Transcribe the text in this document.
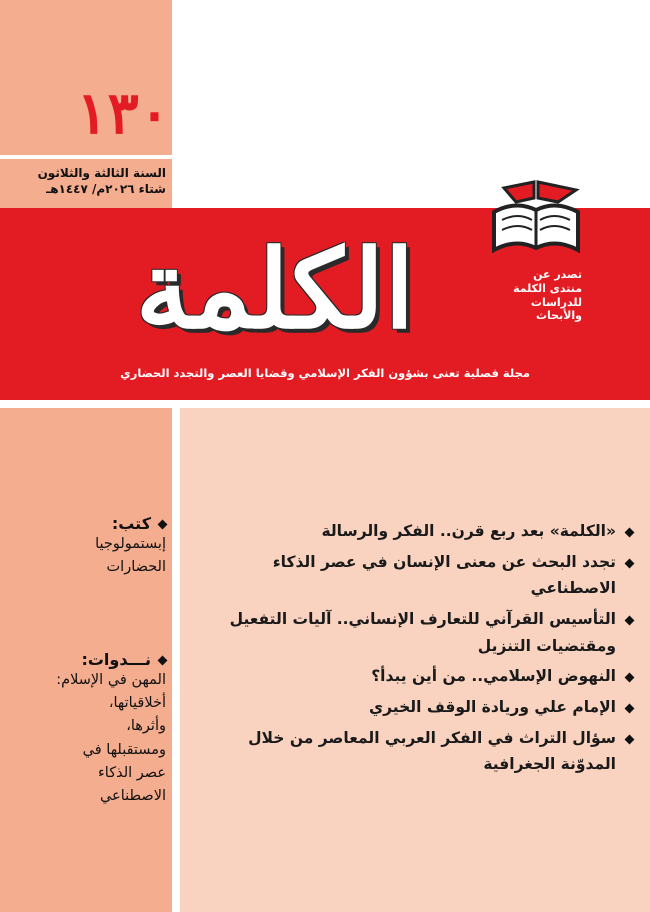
١٣٠
السنة الثالثة والثلاثون
شتاء ٢٠٢٦م/ ١٤٤٧هـ
الكلمة	تصدر عن
منتدى الكلمة
للدراسات
والأبحاث
مجلة فصلية تعنى بشؤون الفكر الإسلامي وقضايا العصر والتجدد الحضاري
كتب:
إبستمولوجيا
الحضارات
نـــدوات:
المهن في الإسلام:
أخلاقياتها،
وأثرها،
ومستقبلها في
عصر الذكاء
الاصطناعي
«الكلمة» بعد ربع قرن.. الفكر والرسالة
تجدد البحث عن معنى الإنسان في عصر الذكاء الاصطناعي
التأسيس القرآني للتعارف الإنساني.. آليات التفعيل ومقتضيات التنزيل
النهوض الإسلامي.. من أين يبدأ؟
الإمام علي وريادة الوقف الخيري
سؤال التراث في الفكر العربي المعاصر من خلال المدوّنة الجغرافية
